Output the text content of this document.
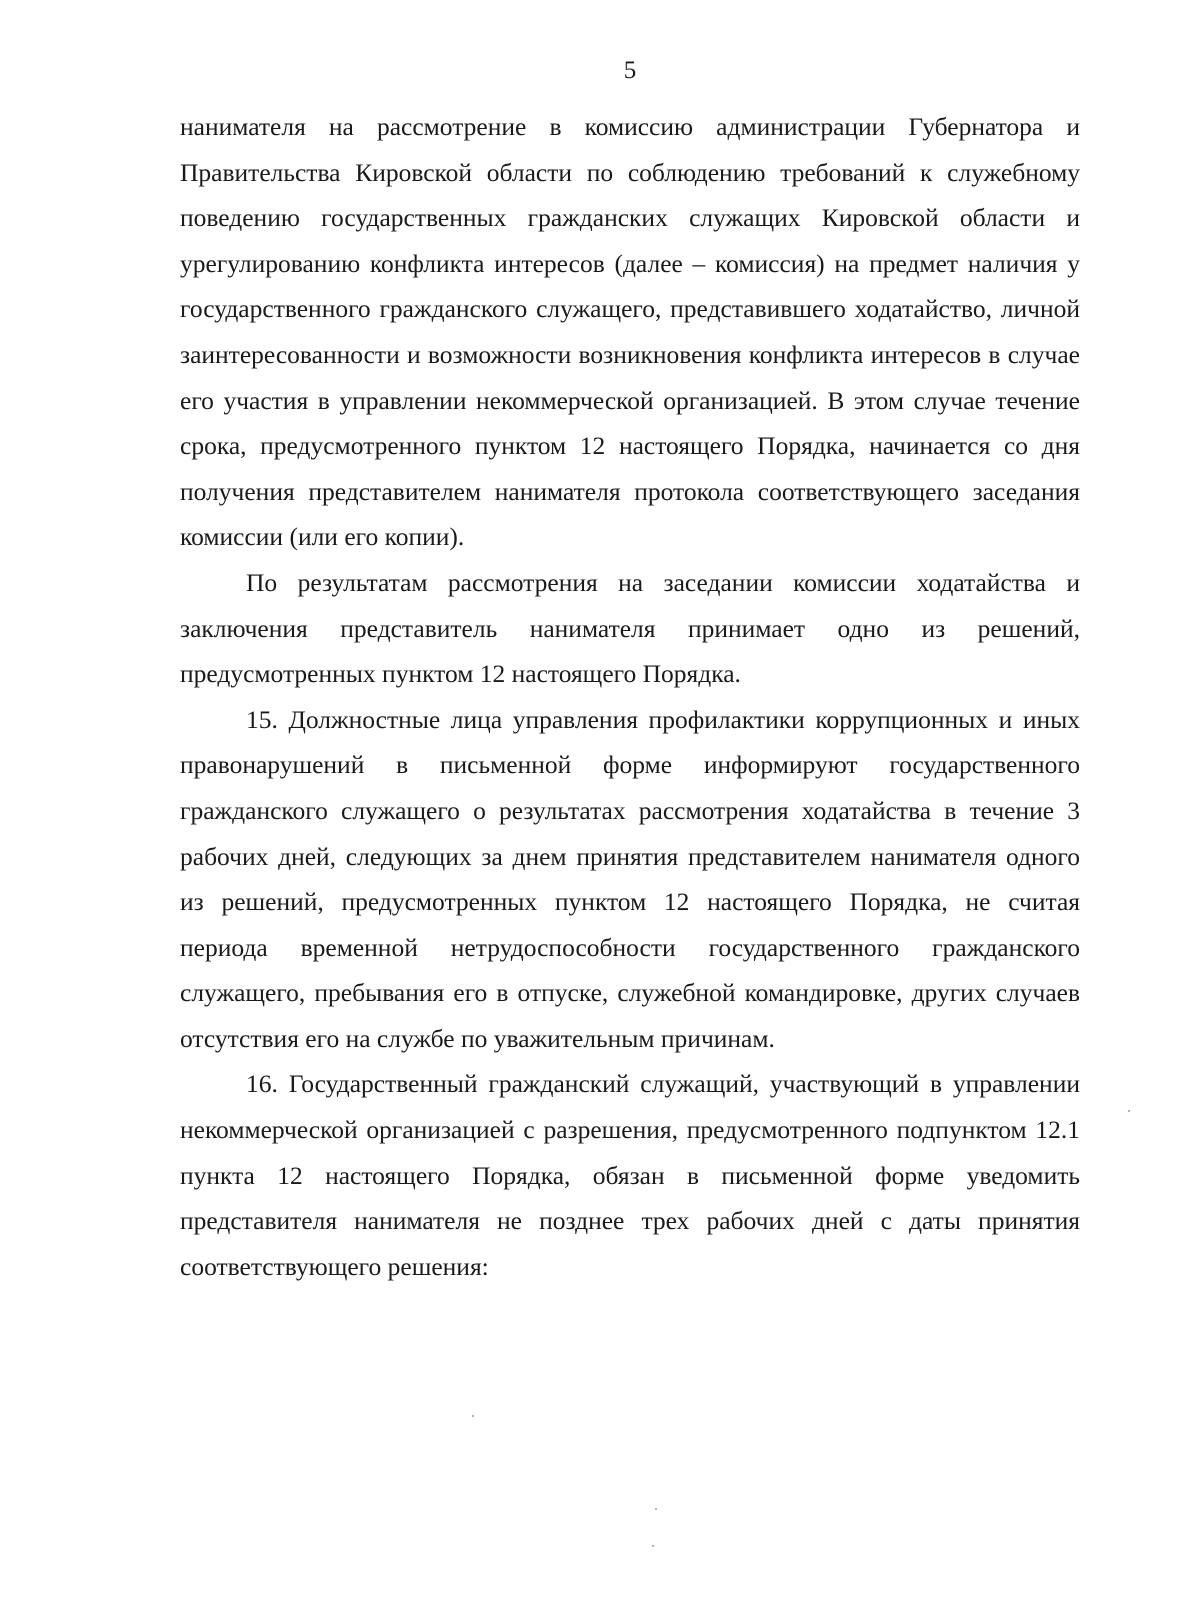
5

нанимателя на рассмотрение в комиссию администрации Губернатора и Правительства Кировской области по соблюдению требований к служебному поведению государственных гражданских служащих Кировской области и урегулированию конфликта интересов (далее – комиссия) на предмет наличия у государственного гражданского служащего, представившего ходатайство, личной заинтересованности и возможности возникновения конфликта интересов в случае его участия в управлении некоммерческой организацией. В этом случае течение срока, предусмотренного пунктом 12 настоящего Порядка, начинается со дня получения представителем нанимателя протокола соответствующего заседания комиссии (или его копии).

По результатам рассмотрения на заседании комиссии ходатайства и заключения представитель нанимателя принимает одно из решений, предусмотренных пунктом 12 настоящего Порядка.

15. Должностные лица управления профилактики коррупционных и иных правонарушений в письменной форме информируют государственного гражданского служащего о результатах рассмотрения ходатайства в течение 3 рабочих дней, следующих за днем принятия представителем нанимателя одного из решений, предусмотренных пунктом 12 настоящего Порядка, не считая периода временной нетрудоспособности государственного гражданского служащего, пребывания его в отпуске, служебной командировке, других случаев отсутствия его на службе по уважительным причинам.

16. Государственный гражданский служащий, участвующий в управлении некоммерческой организацией с разрешения, предусмотренного подпунктом 12.1 пункта 12 настоящего Порядка, обязан в письменной форме уведомить представителя нанимателя не позднее трех рабочих дней с даты принятия соответствующего решения:
